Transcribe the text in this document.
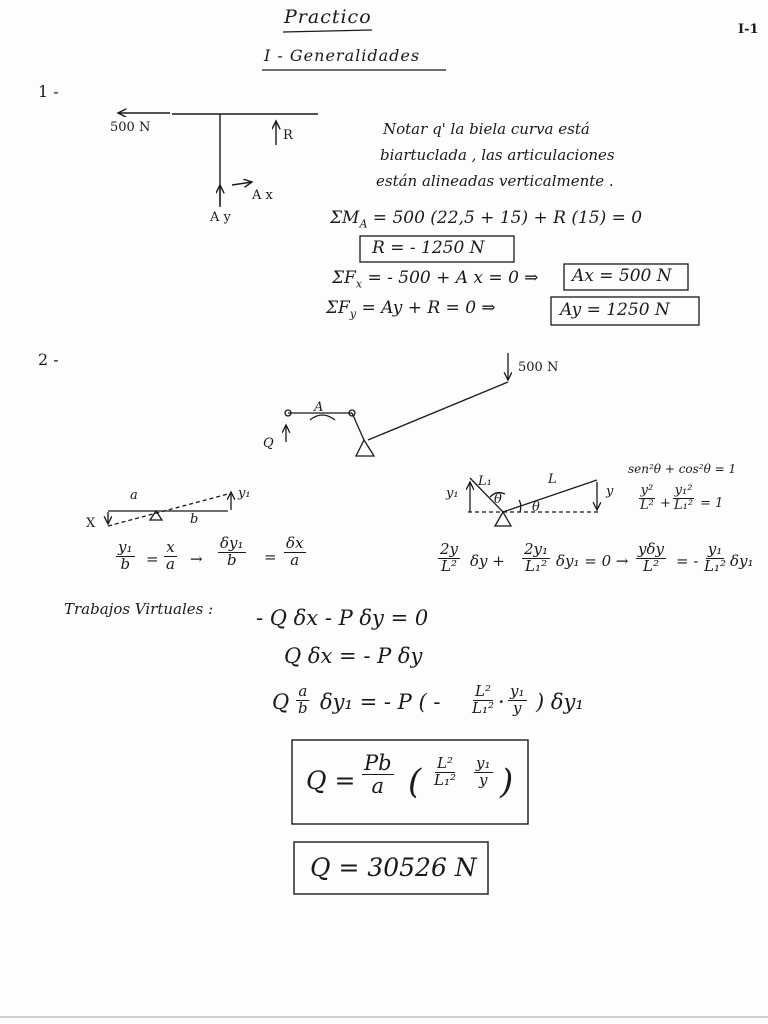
Practico
I - Generalidades
I-1
1 -
500 N
R
A x
A y
Notar q' la biela curva está
biartuclada , las articulaciones
están alineadas verticalmente .
$\Sigma M_A = 500$ (22,5 + 15) + R (15) = 0
R = - 1250 N
$\Sigma F_x$ = - 500 + A x = 0 ⇒ Ax = 500 N
$\Sigma F_y = Ay + R = 0$ ⇒	Ay = 1250 N
2 -	500 N
A
Q
a
b
X
y₁
$\frac{\text{y₁}}{b} = \frac{x}{a} \to \frac{\text{δy₁}}{b} = \frac{\delta x}{a}$
y₁
L₁
θ
L
θ
y
sen²θ + cos²θ = 1
$\frac{\text{y²}}{\text{L²}} + \frac{\text{y₁²}}{\text{L₁²}} = 1$
$\frac{2y}{\text{L²}}$ $\delta y + \frac{\text{2y₁}}{\text{L₁²}} \delta y_1 = 0$ →
yδy
L² = - $\frac{\text{y₁}}{\text{L₁²}} \delta y_1$
Trabajos Virtuales : - Q δx - P δy = 0
Q δx = - P δy
Q $\frac{a}{b} \delta y_1$ = - P ( - $\frac{\text{L²}}{\text{L₁²}} \cdot \frac{\text{y₁}}{y}$ ) δy₁
$Q = \frac{Pb}{a}$ ( $\frac{\text{L²}}{\text{L₁²}} \frac{\text{y₁}}{y}$ )
Q = 30526 N
